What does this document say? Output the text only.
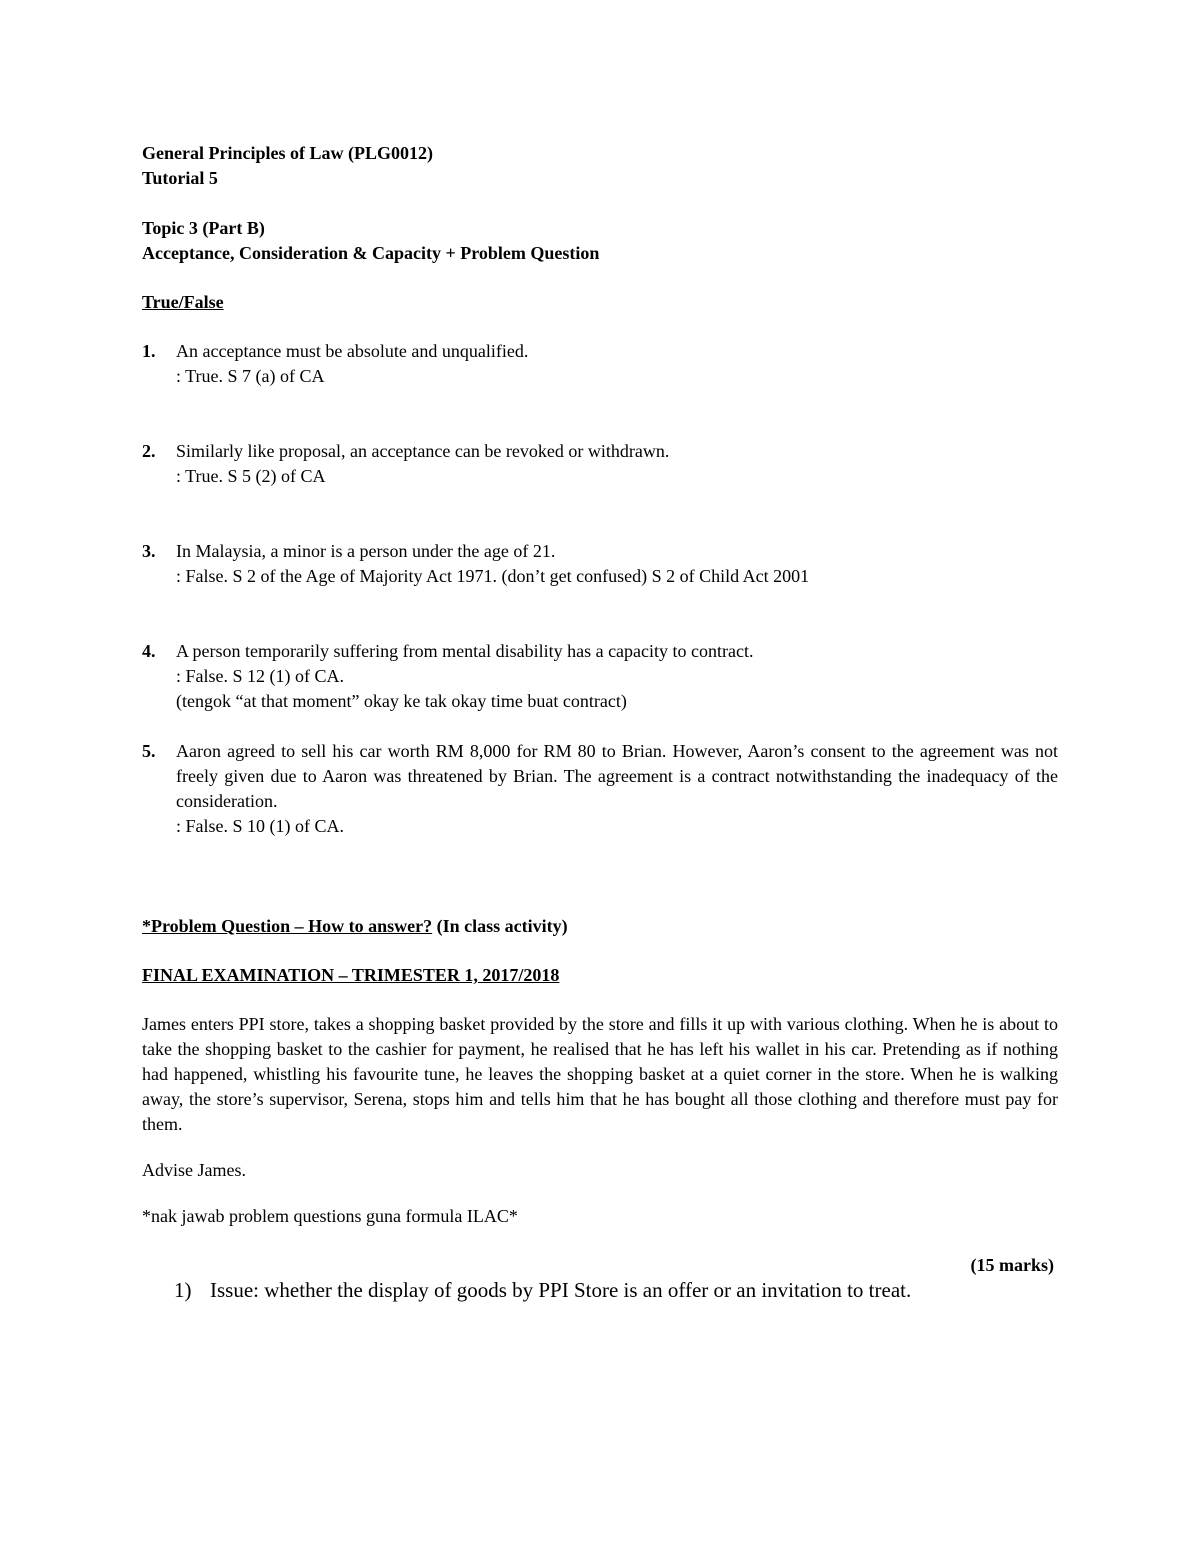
General Principles of Law (PLG0012)

Tutorial 5

Topic 3 (Part B)

Acceptance, Consideration & Capacity + Problem Question

True/False

1.	An acceptance must be absolute and unqualified.

: True. S 7 (a) of CA

2.	Similarly like proposal, an acceptance can be revoked or withdrawn.

: True. S 5 (2) of CA

3.	In Malaysia, a minor is a person under the age of 21.

: False. S 2 of the Age of Majority Act 1971. (don’t get confused) S 2 of Child Act 2001

4.	A person temporarily suffering from mental disability has a capacity to contract.

: False. S 12 (1) of CA.

(tengok “at that moment” okay ke tak okay time buat contract)

5.	Aaron agreed to sell his car worth RM 8,000 for RM 80 to Brian. However, Aaron’s consent to the agreement was not freely given due to Aaron was threatened by Brian. The agreement is a contract notwithstanding the inadequacy of the consideration.

: False. S 10 (1) of CA.

*Problem Question – How to answer? (In class activity)

FINAL EXAMINATION – TRIMESTER 1, 2017/2018

James enters PPI store, takes a shopping basket provided by the store and fills it up with various clothing. When he is about to take the shopping basket to the cashier for payment, he realised that he has left his wallet in his car. Pretending as if nothing had happened, whistling his favourite tune, he leaves the shopping basket at a quiet corner in the store. When he is walking away, the store’s supervisor, Serena, stops him and tells him that he has bought all those clothing and therefore must pay for them.

Advise James.

*nak jawab problem questions guna formula ILAC*

(15 marks)

1) Issue: whether the display of goods by PPI Store is an offer or an invitation to treat.
